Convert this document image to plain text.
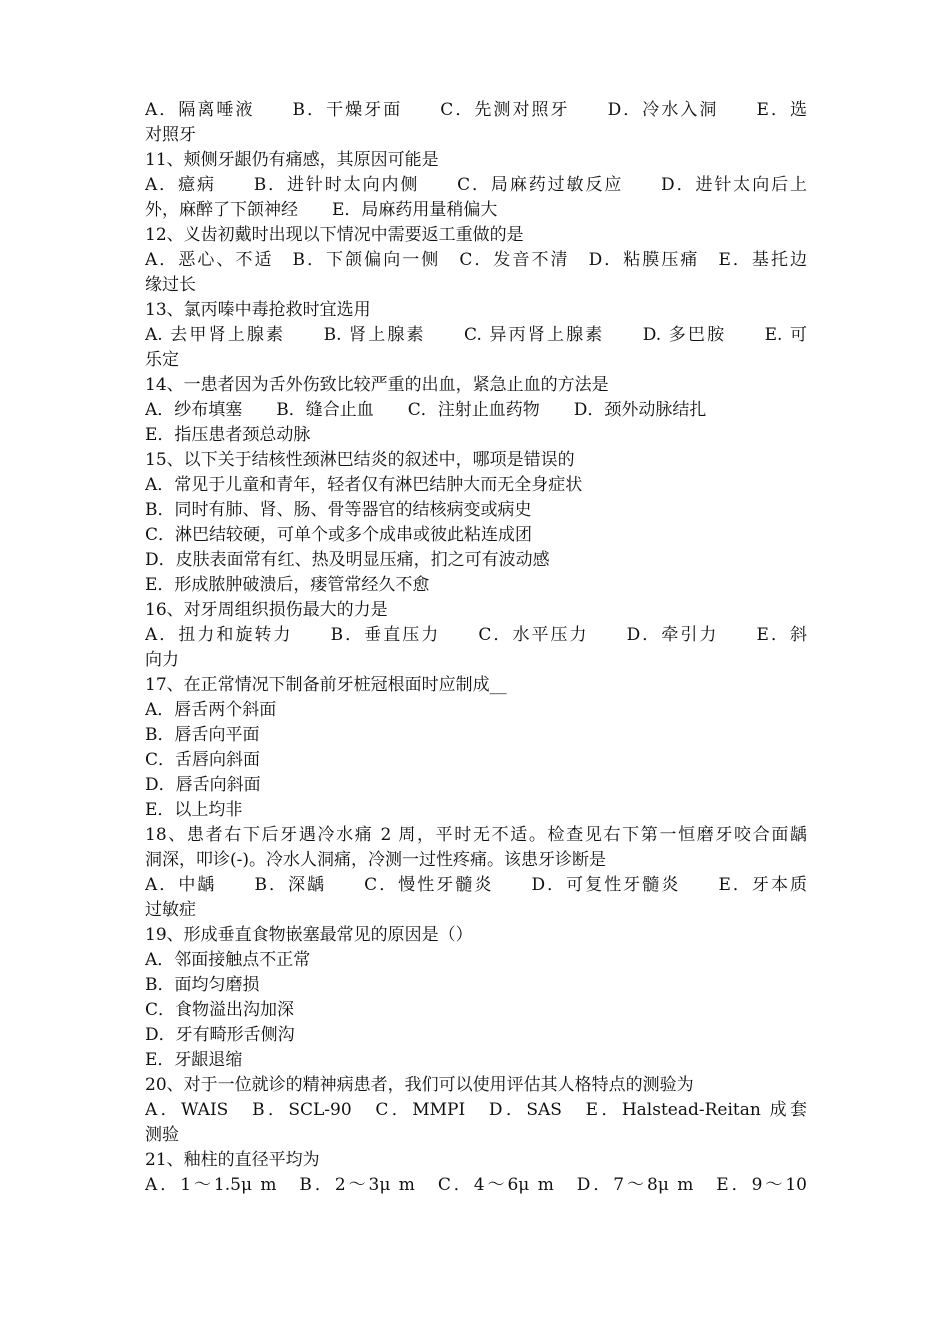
A．隔离唾液　　B．干燥牙面　　C．先测对照牙　　D．冷水入洞　　E．选
对照牙
11、颊侧牙龈仍有痛感，其原因可能是
A．癔病　　B．进针时太向内侧　　C．局麻药过敏反应　　D．进针太向后上
外，麻醉了下颌神经　　E．局麻药用量稍偏大
12、义齿初戴时出现以下情况中需要返工重做的是
A．恶心、不适　B．下颌偏向一侧　C．发音不清　D．粘膜压痛　E．基托边
缘过长
13、氯丙嗪中毒抢救时宜选用
A. 去甲肾上腺素　　B. 肾上腺素　　C. 异丙肾上腺素　　D. 多巴胺　　E. 可
乐定
14、一患者因为舌外伤致比较严重的出血，紧急止血的方法是
A．纱布填塞　　B．缝合止血　　C．注射止血药物　　D．颈外动脉结扎
E．指压患者颈总动脉
15、以下关于结核性颈淋巴结炎的叙述中，哪项是错误的
A．常见于儿童和青年，轻者仅有淋巴结肿大而无全身症状
B．同时有肺、肾、肠、骨等器官的结核病变或病史
C．淋巴结较硬，可单个或多个成串或彼此粘连成团
D．皮肤表面常有红、热及明显压痛，扪之可有波动感
E．形成脓肿破溃后，瘘管常经久不愈
16、对牙周组织损伤最大的力是
A．扭力和旋转力　　B．垂直压力　　C．水平压力　　D．牵引力　　E．斜
向力
17、在正常情况下制备前牙桩冠根面时应制成__
A．唇舌两个斜面
B．唇舌向平面
C．舌唇向斜面
D．唇舌向斜面
E．以上均非
18、患者右下后牙遇冷水痛 2 周，平时无不适。检查见右下第一恒磨牙咬合面龋
洞深，叩诊(-)。冷水人洞痛，冷测一过性疼痛。该患牙诊断是
A．中龋　　B．深龋　　C．慢性牙髓炎　　D．可复性牙髓炎　　E．牙本质
过敏症
19、形成垂直食物嵌塞最常见的原因是（）
A．邻面接触点不正常
B．面均匀磨损
C．食物溢出沟加深
D．牙有畸形舌侧沟
E．牙龈退缩
20、对于一位就诊的精神病患者，我们可以使用评估其人格特点的测验为
A．WAIS　B．SCL-90　C．MMPI　D．SAS　E．Halstead-Reitan 成套
测验
21、釉柱的直径平均为
A．1～1.5μ m　B．2～3μ m　C．4～6μ m　D．7～8μ m　E．9～10
